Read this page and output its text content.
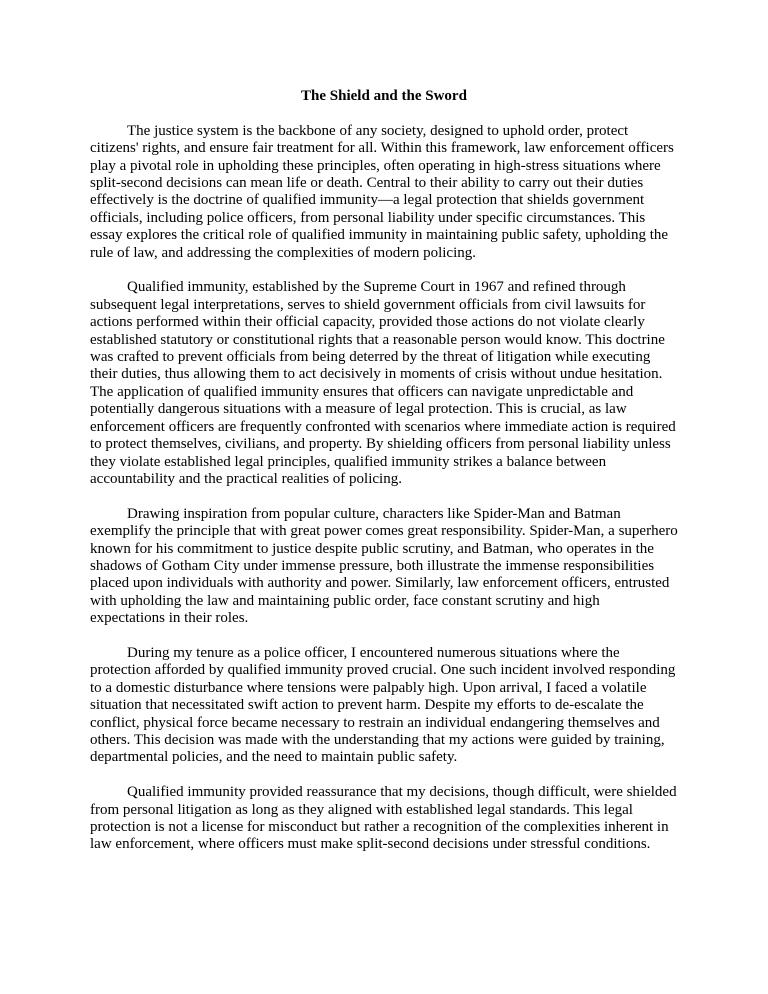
The Shield and the Sword

The justice system is the backbone of any society, designed to uphold order, protect citizens' rights, and ensure fair treatment for all. Within this framework, law enforcement officers play a pivotal role in upholding these principles, often operating in high-stress situations where split-second decisions can mean life or death. Central to their ability to carry out their duties effectively is the doctrine of qualified immunity—a legal protection that shields government officials, including police officers, from personal liability under specific circumstances. This essay explores the critical role of qualified immunity in maintaining public safety, upholding the rule of law, and addressing the complexities of modern policing.

Qualified immunity, established by the Supreme Court in 1967 and refined through subsequent legal interpretations, serves to shield government officials from civil lawsuits for actions performed within their official capacity, provided those actions do not violate clearly established statutory or constitutional rights that a reasonable person would know. This doctrine was crafted to prevent officials from being deterred by the threat of litigation while executing their duties, thus allowing them to act decisively in moments of crisis without undue hesitation. The application of qualified immunity ensures that officers can navigate unpredictable and potentially dangerous situations with a measure of legal protection. This is crucial, as law enforcement officers are frequently confronted with scenarios where immediate action is required to protect themselves, civilians, and property. By shielding officers from personal liability unless they violate established legal principles, qualified immunity strikes a balance between accountability and the practical realities of policing.

Drawing inspiration from popular culture, characters like Spider-Man and Batman exemplify the principle that with great power comes great responsibility. Spider-Man, a superhero known for his commitment to justice despite public scrutiny, and Batman, who operates in the shadows of Gotham City under immense pressure, both illustrate the immense responsibilities placed upon individuals with authority and power. Similarly, law enforcement officers, entrusted with upholding the law and maintaining public order, face constant scrutiny and high expectations in their roles.

During my tenure as a police officer, I encountered numerous situations where the protection afforded by qualified immunity proved crucial. One such incident involved responding to a domestic disturbance where tensions were palpably high. Upon arrival, I faced a volatile situation that necessitated swift action to prevent harm. Despite my efforts to de-escalate the conflict, physical force became necessary to restrain an individual endangering themselves and others. This decision was made with the understanding that my actions were guided by training, departmental policies, and the need to maintain public safety.

Qualified immunity provided reassurance that my decisions, though difficult, were shielded from personal litigation as long as they aligned with established legal standards. This legal protection is not a license for misconduct but rather a recognition of the complexities inherent in law enforcement, where officers must make split-second decisions under stressful conditions.
